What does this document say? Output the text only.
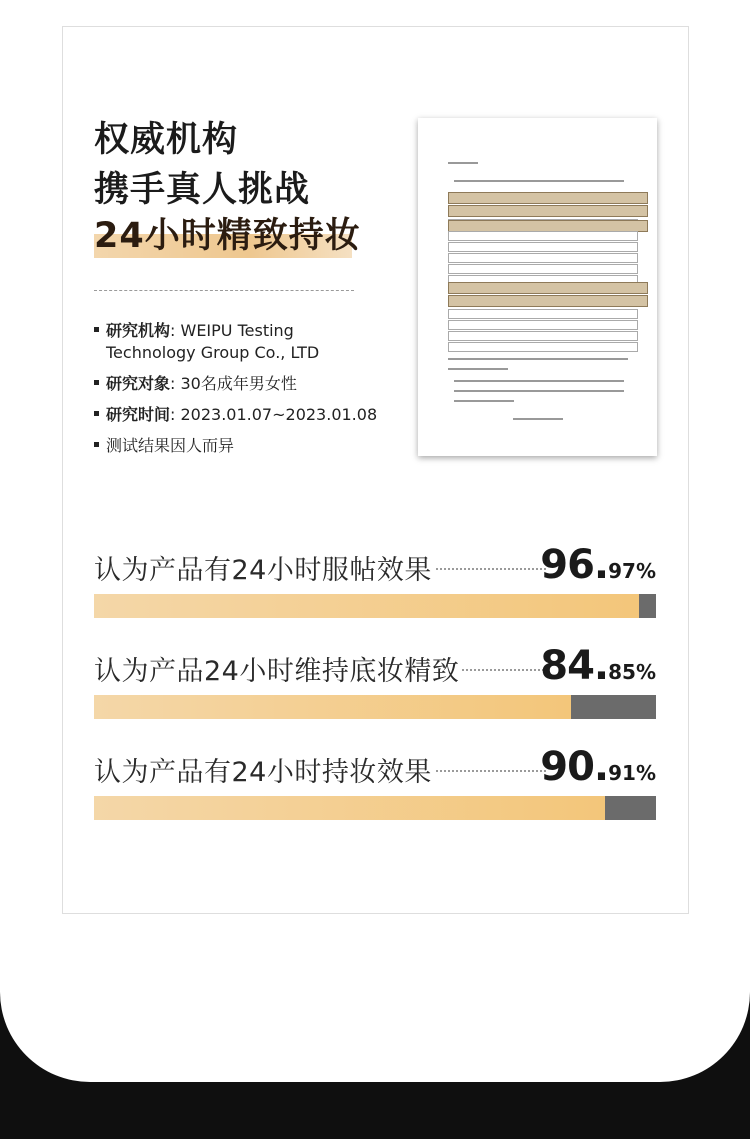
权威机构
携手真人挑战
24小时精致持妆
研究机构: WEIPU Testing
Technology Group Co., LTD
研究对象: 30名成年男女性
研究时间: 2023.01.07~2023.01.08
测试结果因人而异
认为产品有24小时服帖效果	96.97%
认为产品24小时维持底妆精致 84.85%
认为产品有24小时持妆效果	90.91%
